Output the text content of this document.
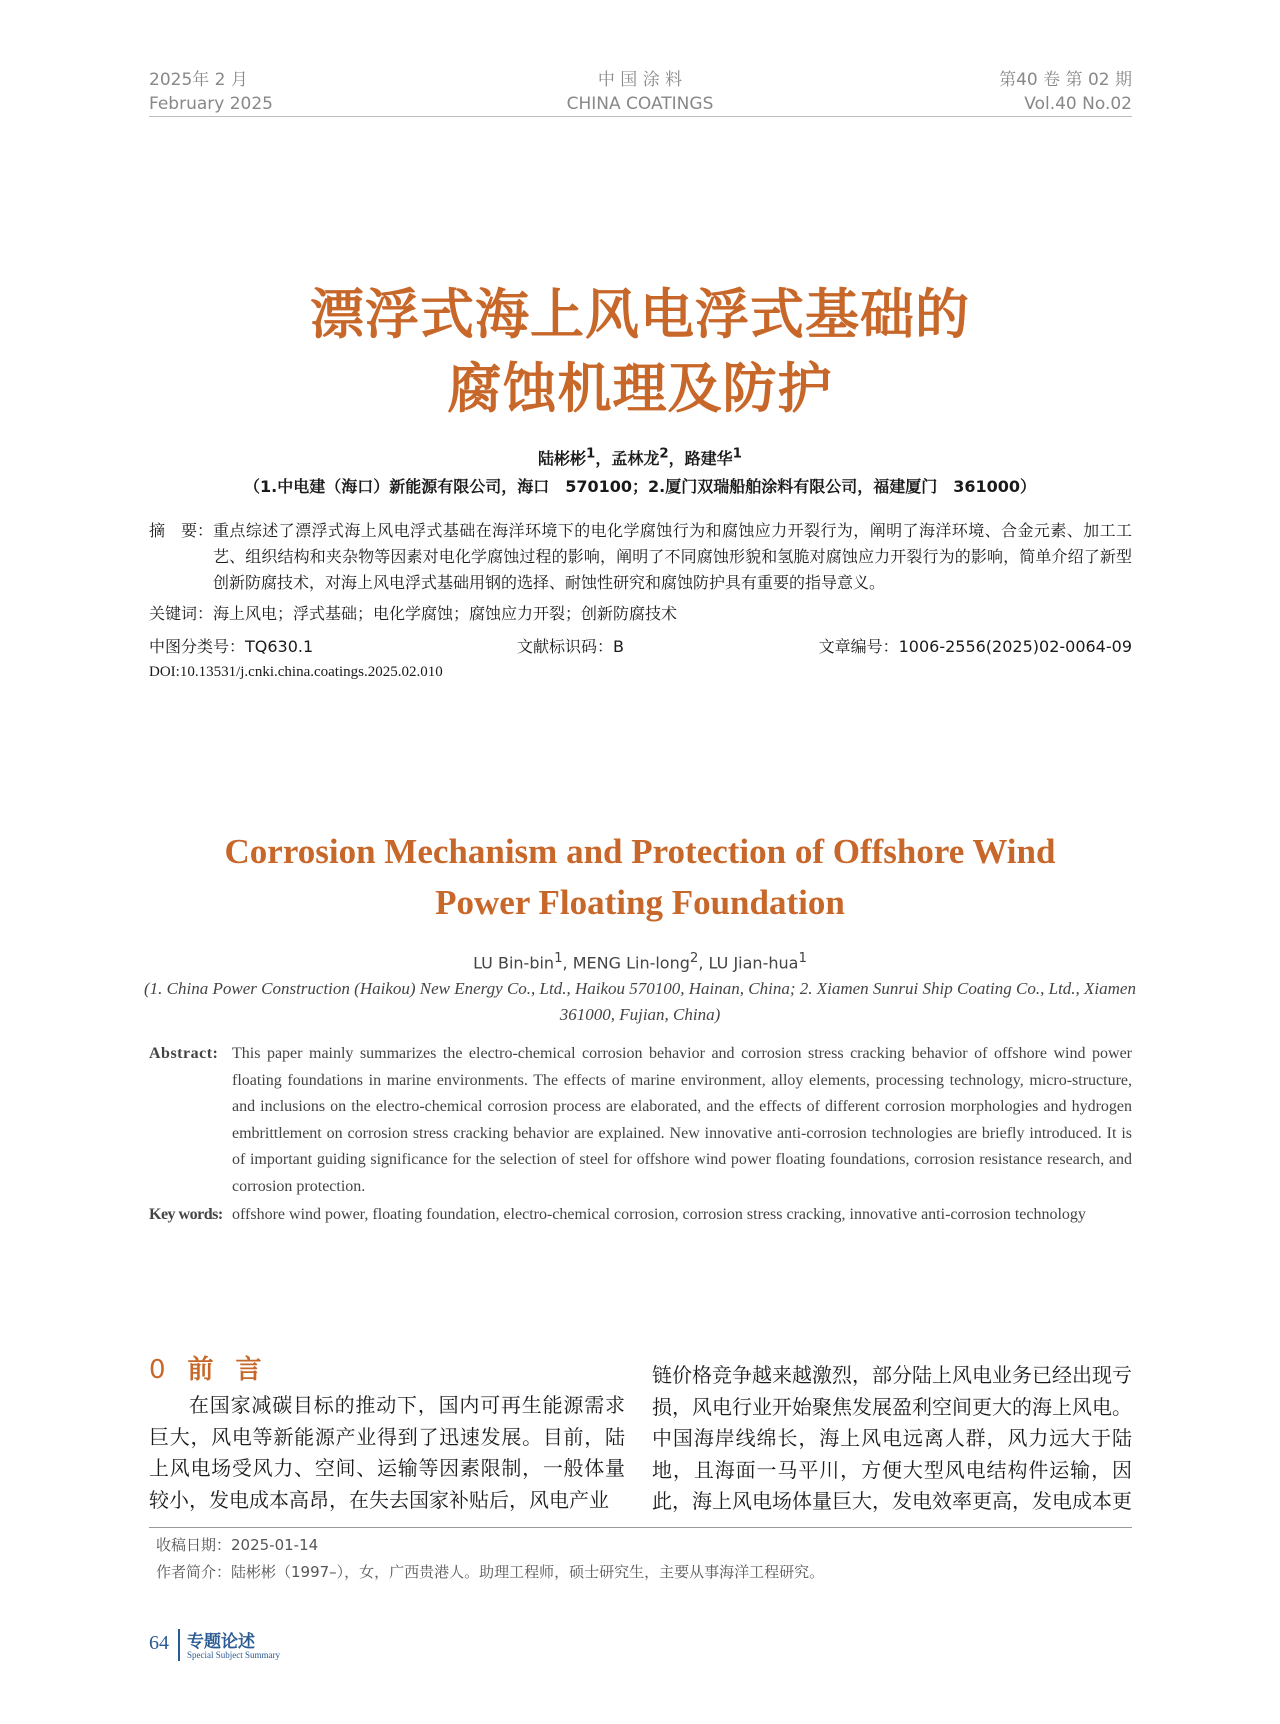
2025年 2 月
February 2025
中 国 涂 料
CHINA COATINGS
第40 卷 第 02 期
Vol.40 No.02
漂浮式海上风电浮式基础的
腐蚀机理及防护
陆彬彬$^1$，孟林龙$^2$，路建华$^1$
（1.中电建（海口）新能源有限公司，海口　570100；2.厦门双瑞船舶涂料有限公司，福建厦门　361000）
摘　要： 重点综述了漂浮式海上风电浮式基础在海洋环境下的电化学腐蚀行为和腐蚀应力开裂行为，阐明了海洋环境、合金元素、加工工艺、组织结构和夹杂物等因素对电化学腐蚀过程的影响，阐明了不同腐蚀形貌和氢脆对腐蚀应力开裂行为的影响，简单介绍了新型创新防腐技术，对海上风电浮式基础用钢的选择、耐蚀性研究和腐蚀防护具有重要的指导意义。
关键词：海上风电；浮式基础；电化学腐蚀；腐蚀应力开裂；创新防腐技术
中图分类号：TQ630.1	文献标识码：B	文章编号：1006-2556(2025)02-0064-09
DOI:10.13531/j.cnki.china.coatings.2025.02.010
Corrosion Mechanism and Protection of Offshore Wind
Power Floating Foundation
LU Bin-bin$^1$, MENG Lin-long$^2$, LU Jian-hua$^1$
(1. China Power Construction (Haikou) New Energy Co., Ltd., Haikou 570100, Hainan, China; 2. Xiamen Sunrui Ship Coating Co., Ltd., Xiamen 361000, Fujian, China)
Abstract: This paper mainly summarizes the electro-chemical corrosion behavior and corrosion stress cracking behavior of offshore wind power floating foundations in marine environments. The effects of marine environment, alloy elements, processing technology, micro-structure, and inclusions on the electro-chemical corrosion process are elaborated, and the effects of different corrosion morphologies and hydrogen embrittlement on corrosion stress cracking behavior are explained. New innovative anti-corrosion technologies are briefly introduced. It is of important guiding significance for the selection of steel for offshore wind power floating foundations, corrosion resistance research, and corrosion protection.
Key words: offshore wind power, floating foundation, electro-chemical corrosion, corrosion stress cracking, innovative anti-corrosion technology
0 前言
在国家减碳目标的推动下，国内可再生能源需求巨大，风电等新能源产业得到了迅速发展。目前，陆上风电场受风力、空间、运输等因素限制，一般体量较小，发电成本高昂，在失去国家补贴后，风电产业
链价格竞争越来越激烈，部分陆上风电业务已经出现亏损，风电行业开始聚焦发展盈利空间更大的海上风电。中国海岸线绵长，海上风电远离人群，风力远大于陆地，且海面一马平川，方便大型风电结构件运输，因此，海上风电场体量巨大，发电效率更高，发电成本更
收稿日期：2025-01-14
作者简介：陆彬彬（1997–），女，广西贵港人。助理工程师，硕士研究生，主要从事海洋工程研究。
64 专题论述
Special Subject Summary
